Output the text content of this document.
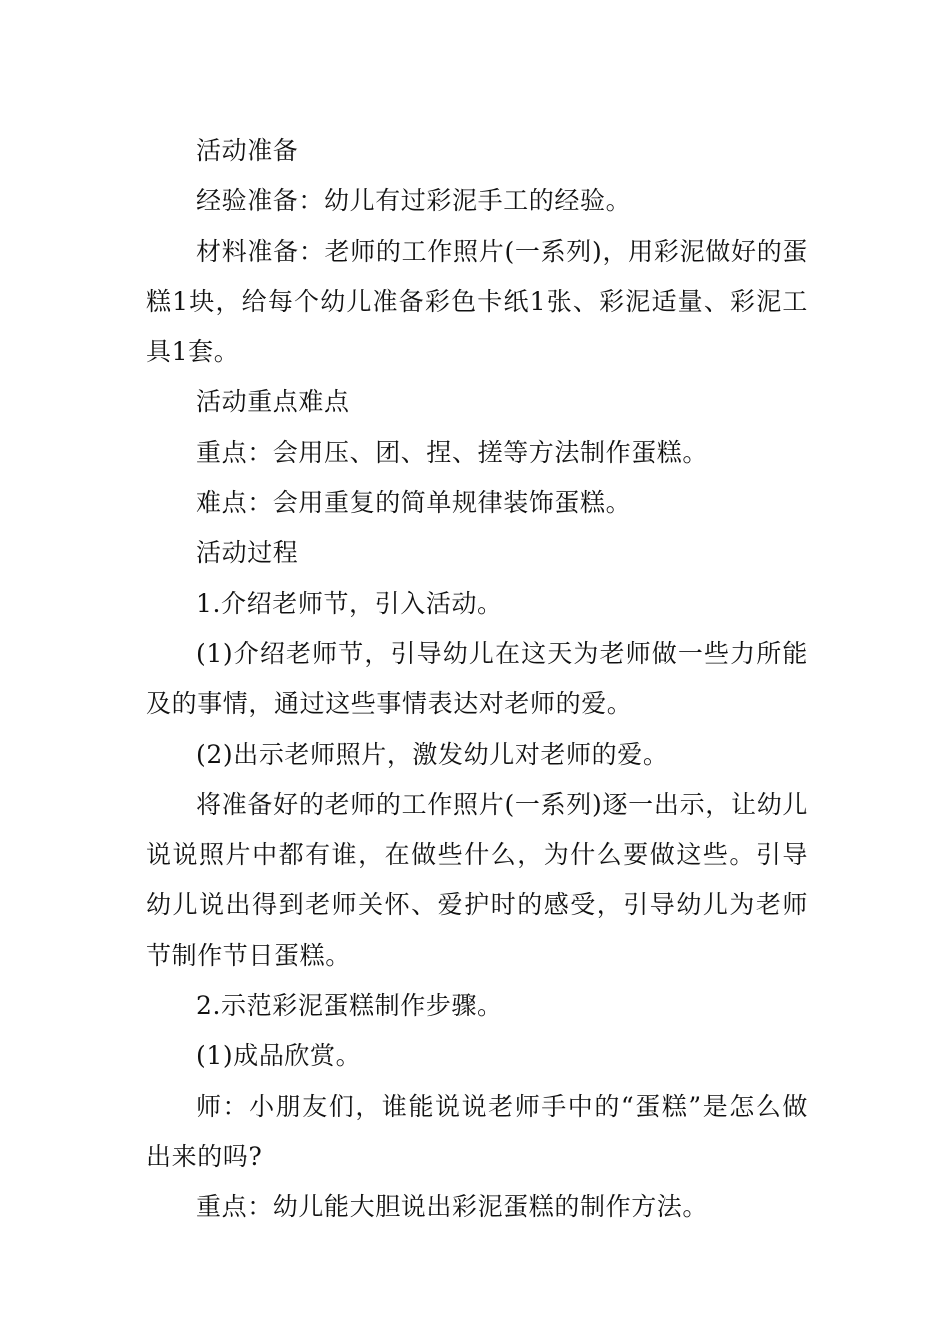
活动准备

经验准备：幼儿有过彩泥手工的经验。

材料准备：老师的工作照片(一系列)，用彩泥做好的蛋糕1块，给每个幼儿准备彩色卡纸1张、彩泥适量、彩泥工具1套。

活动重点难点

重点：会用压、团、捏、搓等方法制作蛋糕。

难点：会用重复的简单规律装饰蛋糕。

活动过程

1.介绍老师节，引入活动。

(1)介绍老师节，引导幼儿在这天为老师做一些力所能及的事情，通过这些事情表达对老师的爱。

(2)出示老师照片，激发幼儿对老师的爱。

将准备好的老师的工作照片(一系列)逐一出示，让幼儿说说照片中都有谁，在做些什么，为什么要做这些。引导幼儿说出得到老师关怀、爱护时的感受，引导幼儿为老师节制作节日蛋糕。

2.示范彩泥蛋糕制作步骤。

(1)成品欣赏。

师：小朋友们，谁能说说老师手中的“蛋糕”是怎么做出来的吗?

重点：幼儿能大胆说出彩泥蛋糕的制作方法。
